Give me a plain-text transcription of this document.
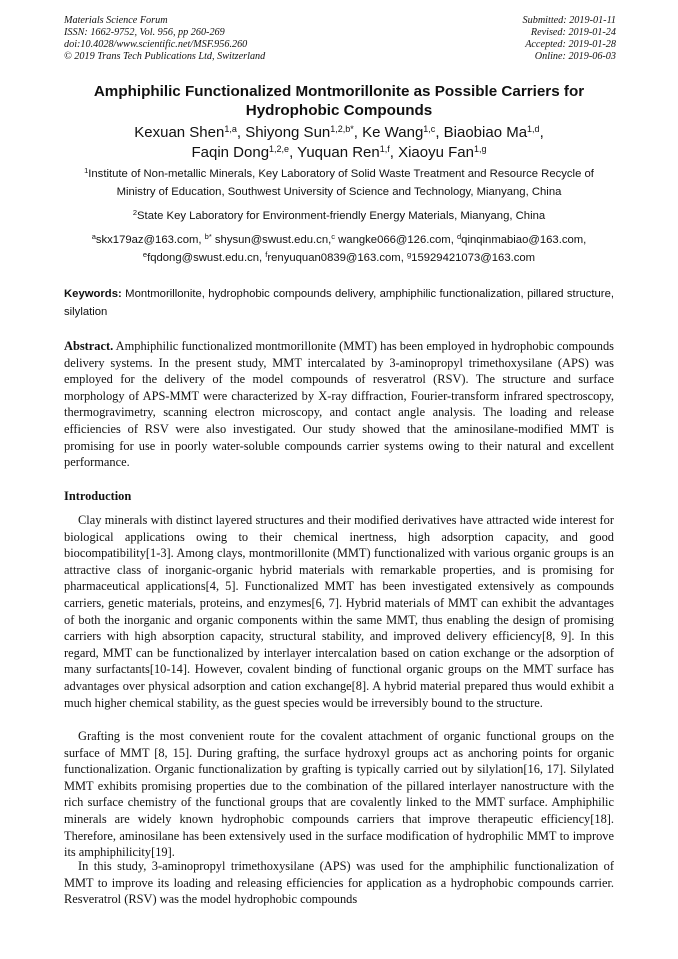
Materials Science Forum
ISSN: 1662-9752, Vol. 956, pp 260-269
doi:10.4028/www.scientific.net/MSF.956.260
© 2019 Trans Tech Publications Ltd, Switzerland
Submitted: 2019-01-11
Revised: 2019-01-24
Accepted: 2019-01-28
Online: 2019-06-03
Amphiphilic Functionalized Montmorillonite as Possible Carriers for Hydrophobic Compounds
Kexuan Shen$^{1,a}$, Shiyong Sun$^{1,2,b*}$, Ke Wang$^{1,c}$, Biaobiao Ma$^{1,d}$,
Faqin Dong$^{1,2,e}$, Yuquan Ren$^{1,f}$, Xiaoyu Fan$^{1,g}$
$^1$Institute of Non-metallic Minerals, Key Laboratory of Solid Waste Treatment and Resource Recycle of Ministry of Education, Southwest University of Science and Technology, Mianyang, China
$^2$State Key Laboratory for Environment-friendly Energy Materials, Mianyang, China
$^a$skx179az@163.com, $^{b*}$ shysun@swust.edu.cn,$^c$ wangke066@126.com, $^d$qinqinmabiao@163.com,
$^e$fqdong@swust.edu.cn, $^f$renyuquan0839@163.com, $^g$15929421073@163.com
Keywords: Montmorillonite, hydrophobic compounds delivery, amphiphilic functionalization, pillared structure, silylation

Abstract. Amphiphilic functionalized montmorillonite (MMT) has been employed in hydrophobic compounds delivery systems. In the present study, MMT intercalated by 3-aminopropyl trimethoxysilane (APS) was employed for the delivery of the model compounds of resveratrol (RSV). The structure and surface morphology of APS-MMT were characterized by X-ray diffraction, Fourier-transform infrared spectroscopy, thermogravimetry, scanning electron microscopy, and contact angle analysis. The loading and release efficiencies of RSV were also investigated. Our study showed that the aminosilane-modified MMT is promising for use in poorly water-soluble compounds carrier systems owing to their natural and excellent performance.

Introduction

Clay minerals with distinct layered structures and their modified derivatives have attracted wide interest for biological applications owing to their chemical inertness, high adsorption capacity, and good biocompatibility[1-3]. Among clays, montmorillonite (MMT) functionalized with various organic groups is an attractive class of inorganic-organic hybrid materials with remarkable properties, and is promising for pharmaceutical applications[4, 5]. Functionalized MMT has been investigated extensively as compounds carriers, genetic materials, proteins, and enzymes[6, 7]. Hybrid materials of MMT can exhibit the advantages of both the inorganic and organic components within the same MMT, thus enabling the design of promising carriers with high absorption capacity, structural stability, and improved delivery efficiency[8, 9]. In this regard, MMT can be functionalized by interlayer intercalation based on cation exchange or the adsorption of many surfactants[10-14]. However, covalent binding of functional organic groups on the MMT surface has advantages over physical adsorption and cation exchange[8]. A hybrid material prepared thus would exhibit a much higher chemical stability, as the guest species would be irreversibly bound to the structure.

Grafting is the most convenient route for the covalent attachment of organic functional groups on the surface of MMT [8, 15]. During grafting, the surface hydroxyl groups act as anchoring points for organic functionalization. Organic functionalization by grafting is typically carried out by silylation[16, 17]. Silylated MMT exhibits promising properties due to the combination of the pillared interlayer nanostructure with the rich surface chemistry of the functional groups that are covalently linked to the MMT surface. Amphiphilic minerals are widely known hydrophobic compounds carriers that improve therapeutic efficiency[18]. Therefore, aminosilane has been extensively used in the surface modification of hydrophilic MMT to improve its amphiphilicity[19].

In this study, 3-aminopropyl trimethoxysilane (APS) was used for the amphiphilic functionalization of MMT to improve its loading and releasing efficiencies for application as a hydrophobic compounds carrier. Resveratrol (RSV) was the model hydrophobic compounds
